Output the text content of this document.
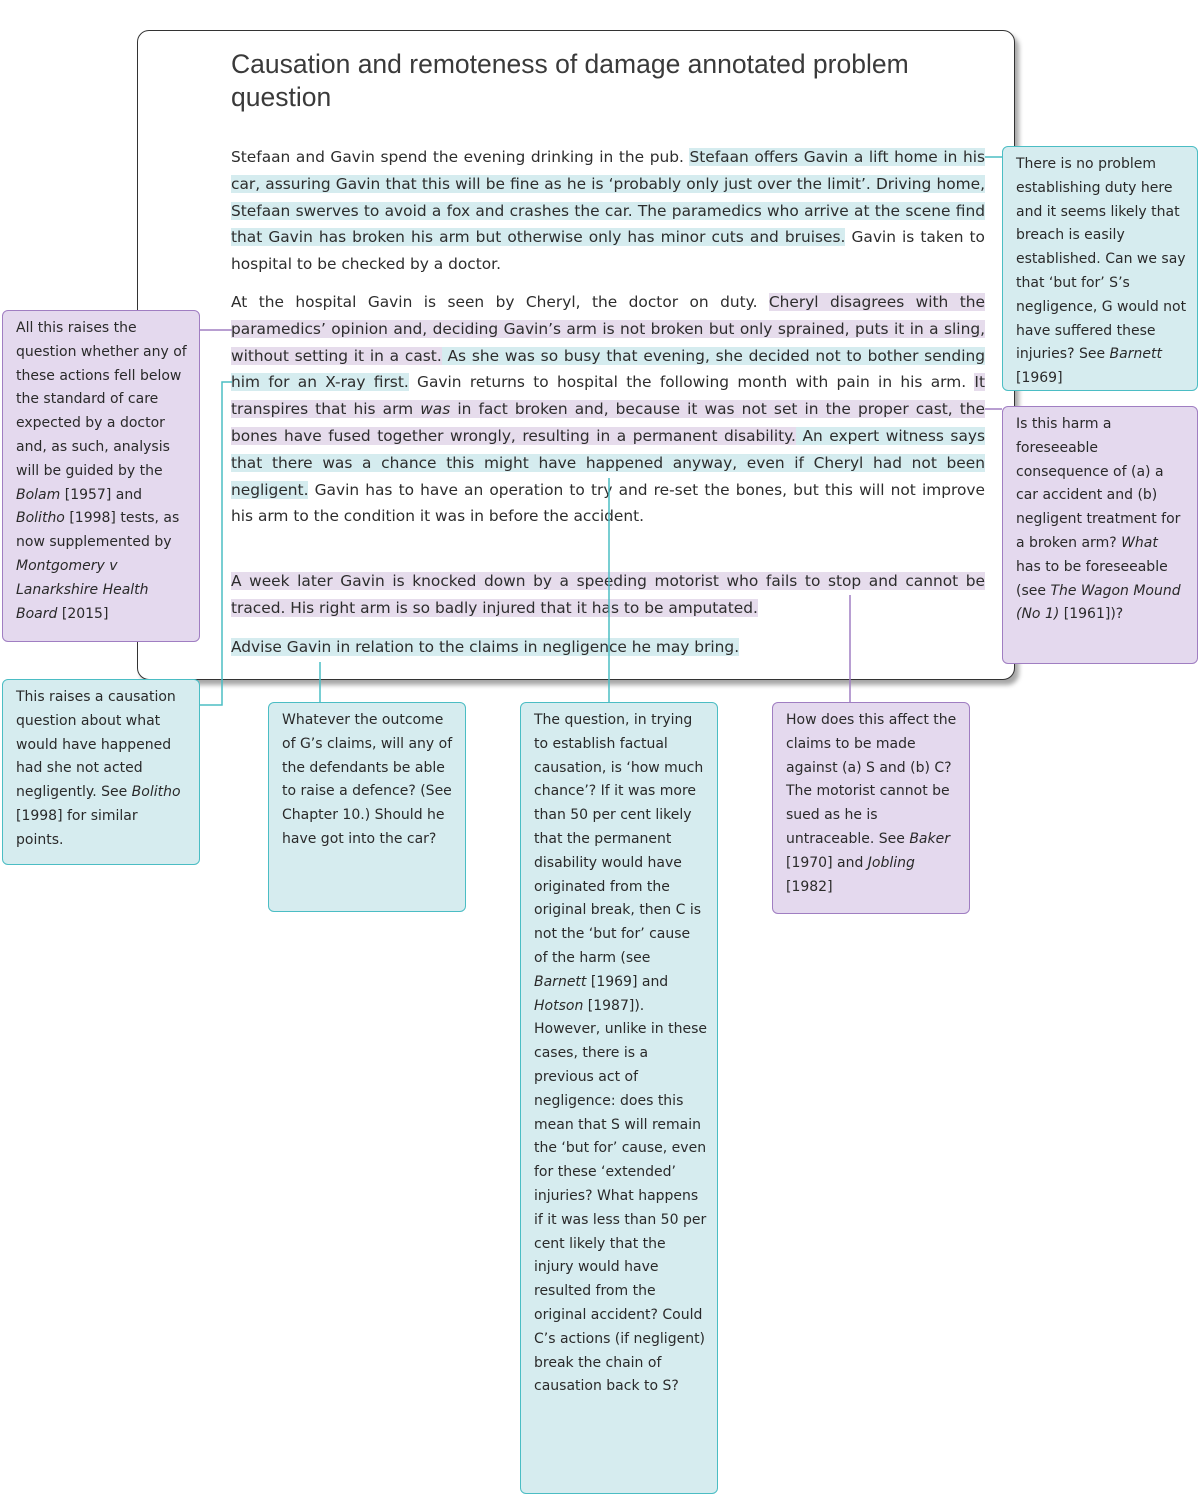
Causation and remoteness of damage annotated problem question

Stefaan and Gavin spend the evening drinking in the pub. Stefaan offers Gavin a lift home in his car, assuring Gavin that this will be fine as he is ‘probably only just over the limit’. Driving home, Stefaan swerves to avoid a fox and crashes the car. The paramedics who arrive at the scene find that Gavin has broken his arm but otherwise only has minor cuts and bruises. Gavin is taken to hospital to be checked by a doctor.

At the hospital Gavin is seen by Cheryl, the doctor on duty. Cheryl disagrees with the paramedics’ opinion and, deciding Gavin’s arm is not broken but only sprained, puts it in a sling, without setting it in a cast. As she was so busy that evening, she decided not to bother sending him for an X-ray first. Gavin returns to hospital the following month with pain in his arm. It transpires that his arm was in fact broken and, because it was not set in the proper cast, the bones have fused together wrongly, resulting in a permanent disability. An expert witness says that there was a chance this might have happened anyway, even if Cheryl had not been negligent. Gavin has to have an operation to try and re-set the bones, but this will not improve his arm to the condition it was in before the accident.

A week later Gavin is knocked down by a speeding motorist who fails to stop and cannot be traced. His right arm is so badly injured that it has to be amputated.

Advise Gavin in relation to the claims in negligence he may bring.

There is no problem establishing duty here and it seems likely that breach is easily established. Can we say that ‘but for’ S’s negligence, G would not have suffered these injuries? See Barnett [1969]
All this raises the question whether any of these actions fell below the standard of care expected by a doctor and, as such, analysis will be guided by the Bolam [1957] and Bolitho [1998] tests, as now supplemented by Montgomery v Lanarkshire Health Board [2015]
Is this harm a foreseeable consequence of (a) a car accident and (b) negligent treatment for a broken arm? What has to be foreseeable (see The Wagon Mound (No 1) [1961])?
This raises a causation question about what would have happened had she not acted negligently. See Bolitho [1998] for similar points.
Whatever the outcome of G’s claims, will any of the defendants be able to raise a defence? (See Chapter 10.) Should he have got into the car?
The question, in trying to establish factual causation, is ‘how much chance’? If it was more than 50 per cent likely that the permanent disability would have originated from the original break, then C is not the ‘but for’ cause of the harm (see Barnett [1969] and Hotson [1987]). However, unlike in these cases, there is a previous act of negligence: does this mean that S will remain the ‘but for’ cause, even for these ‘extended’ injuries? What happens if it was less than 50 per cent likely that the injury would have resulted from the original accident? Could C’s actions (if negligent) break the chain of causation back to S?
How does this affect the claims to be made against (a) S and (b) C? The motorist cannot be sued as he is untraceable. See Baker [1970] and Jobling [1982]
